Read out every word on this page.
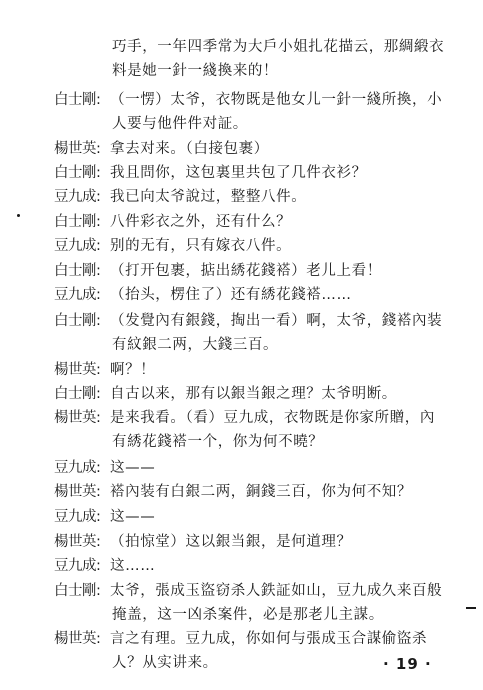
巧手，一年四季常为大戶小姐扎花描云，那綢緞衣
料是她一針一綫換来的！
白士剛: （一愣）太爷，衣物既是他女儿一針一綫所換，小
人要与他件件对証。
楊世英: 拿去对来。（白接包裹）
白士剛: 我且問你，这包裏里共包了几件衣衫？
豆九成: 我已向太爷說过，整整八件。
白士剛: 八件彩衣之外，还有什么？
豆九成: 别的无有，只有嫁衣八件。
白士剛: （打开包裹，掂出綉花錢褡）老儿上看！
豆九成: （抬头，楞住了）还有綉花錢褡……
白士剛: （发覺內有銀錢，掏出一看）啊，太爷，錢褡內装
有紋銀二两，大錢三百。
楊世英: 啊？！
白士剛: 自古以来，那有以銀当銀之理？太爷明断。
楊世英: 是来我看。（看）豆九成，衣物既是你家所贈，內
有綉花錢褡一个，你为何不曉？
豆九成: 这——
楊世英: 褡內装有白銀二两，銅錢三百，你为何不知？
豆九成: 这——
楊世英: （拍惊堂）这以銀当銀，是何道理？
豆九成: 这……
白士剛: 太爷，張成玉盜窃杀人鉄証如山，豆九成久来百般
掩盖，这一凶杀案件，必是那老儿主謀。
楊世英: 言之有理。豆九成，你如何与張成玉合謀偷盜杀
人？从实讲来。	· 19 ·
